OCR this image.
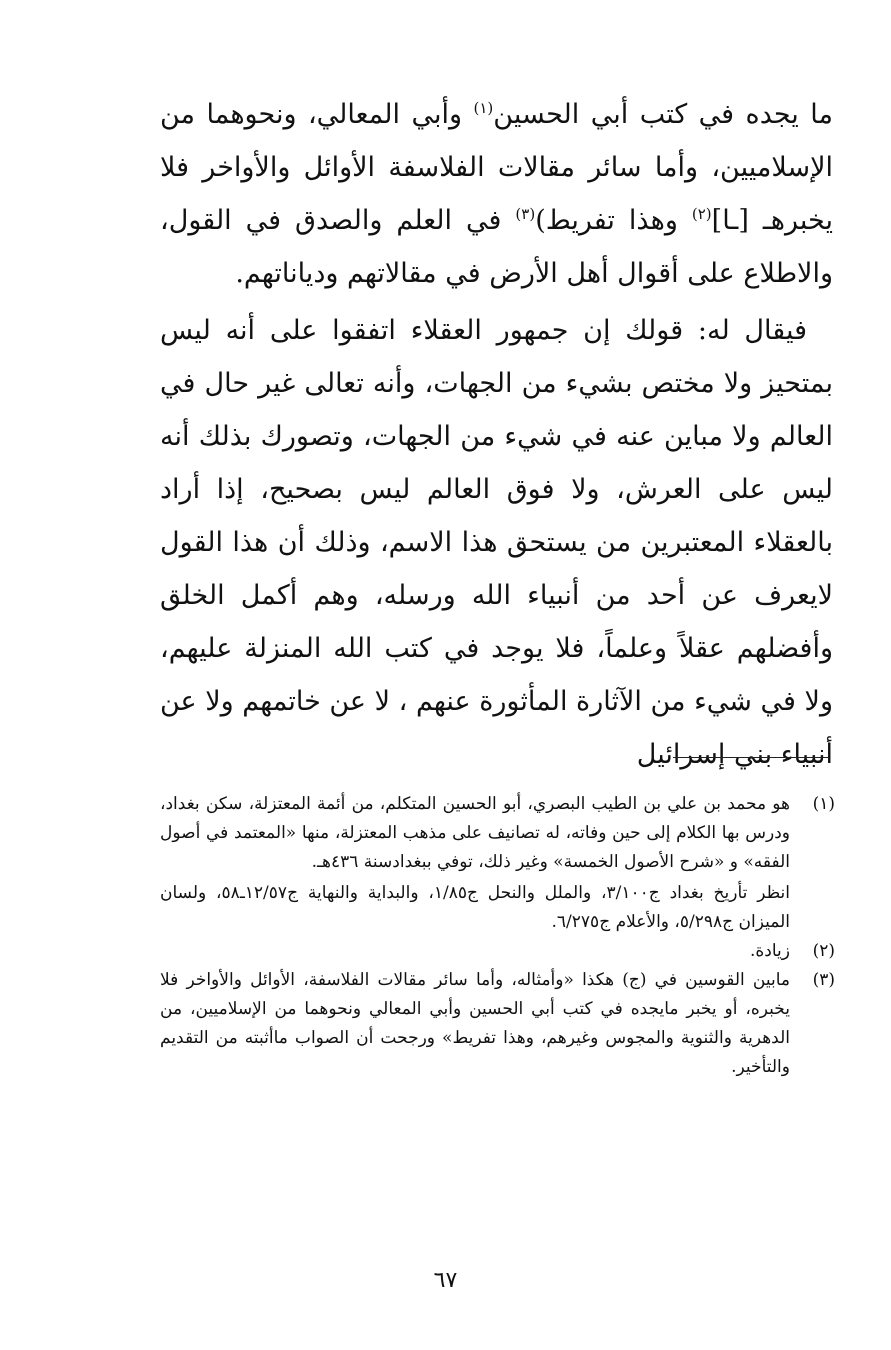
ما يجده في كتب أبي الحسين$^{(١)}$ وأبي المعالي، ونحوهما من الإسلاميين، وأما سائر مقالات الفلاسفة الأوائل والأواخر فلا يخبرهـ [ـا]$^{(٢)}$ وهذا تفريط)$^{(٣)}$ في العلم والصدق في القول، والاطلاع على أقوال أهل الأرض في مقالاتهم ودياناتهم.

فيقال له: قولك إن جمهور العقلاء اتفقوا على أنه ليس بمتحيز ولا مختص بشيء من الجهات، وأنه تعالى غير حال في العالم ولا مباين عنه في شيء من الجهات، وتصورك بذلك أنه ليس على العرش، ولا فوق العالم ليس بصحيح، إذا أراد بالعقلاء المعتبرين من يستحق هذا الاسم، وذلك أن هذا القول لايعرف عن أحد من أنبياء الله ورسله، وهم أكمل الخلق وأفضلهم عقلاً وعلماً، فلا يوجد في كتب الله المنزلة عليهم، ولا في شيء من الآثارة المأثورة عنهم ، لا عن خاتمهم ولا عن أنبياء بني إسرائيل

(١)
هو محمد بن علي بن الطيب البصري، أبو الحسين المتكلم، من أئمة المعتزلة، سكن بغداد، ودرس بها الكلام إلى حين وفاته، له تصانيف على مذهب المعتزلة، منها «المعتمد في أصول الفقه» و «شرح الأصول الخمسة» وغير ذلك، توفي ببغدادسنة ٤٣٦هـ.
انظر تأريخ بغداد ج٣/١٠٠، والملل والنحل ج١/٨٥، والبداية والنهاية ج١٢/٥٧ـ٥٨، ولسان الميزان ج٥/٢٩٨، والأعلام ج٦/٢٧٥.
(٢)
زيادة.
(٣)
مابين القوسين في (ج) هكذا «وأمثاله، وأما سائر مقالات الفلاسفة، الأوائل والأواخر فلا يخبره، أو يخبر مايجده في كتب أبي الحسين وأبي المعالي ونحوهما من الإسلاميين، من الدهرية والثنوية والمجوس وغيرهم، وهذا تفريط» ورجحت أن الصواب ماأثبته من التقديم والتأخير.
٦٧
